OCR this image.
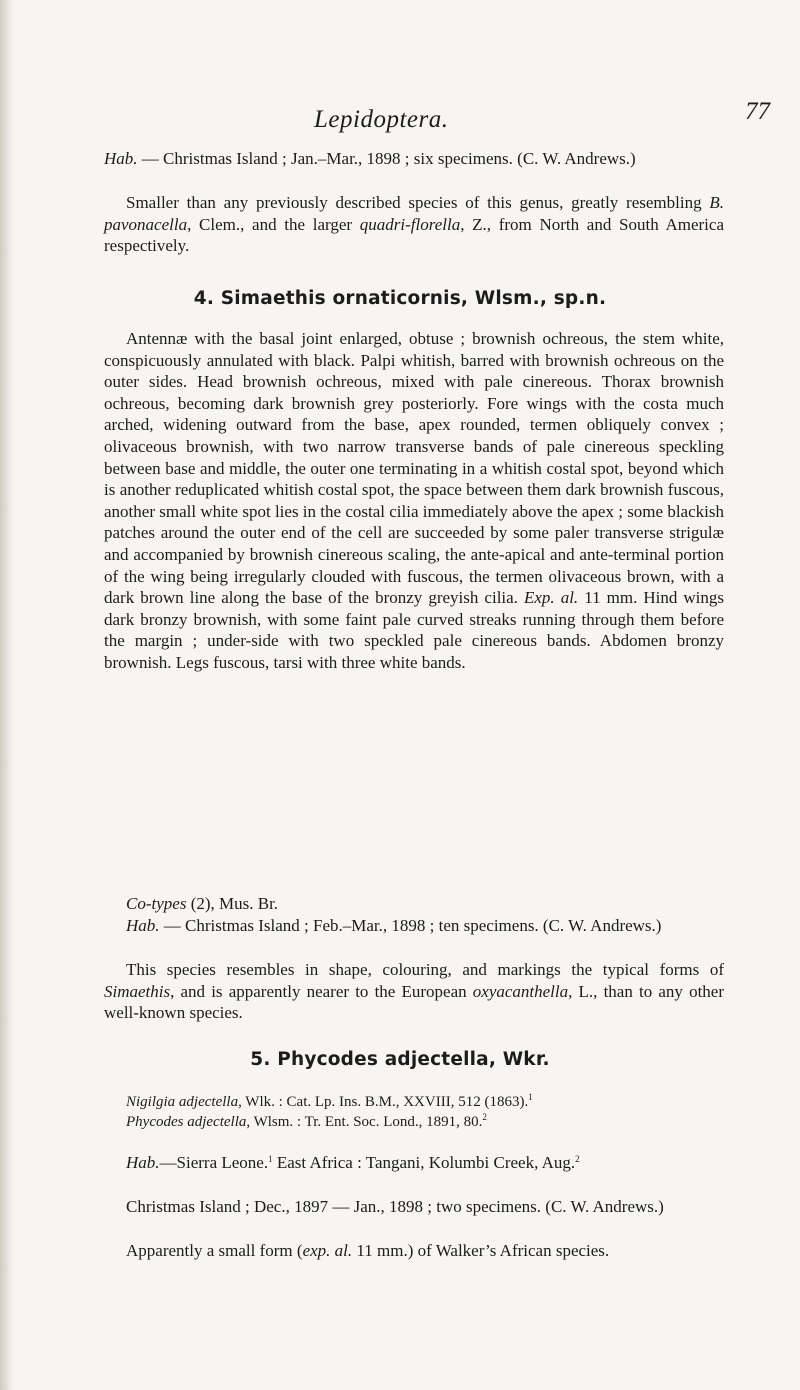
Lepidoptera.	77

Hab. — Christmas Island ; Jan.–Mar., 1898 ; six specimens. (C. W. Andrews.)

Smaller than any previously described species of this genus, greatly resembling B. pavonacella, Clem., and the larger quadri-florella, Z., from North and South America respectively.

4. Simaethis ornaticornis, Wlsm., sp.n.

Antennæ with the basal joint enlarged, obtuse ; brownish ochreous, the stem white, conspicuously annulated with black. Palpi whitish, barred with brownish ochreous on the outer sides. Head brownish ochreous, mixed with pale cinereous. Thorax brownish ochreous, becoming dark brownish grey posteriorly. Fore wings with the costa much arched, widening outward from the base, apex rounded, termen obliquely convex ; olivaceous brownish, with two narrow transverse bands of pale cinereous speckling between base and middle, the outer one terminating in a whitish costal spot, beyond which is another reduplicated whitish costal spot, the space between them dark brownish fuscous, another small white spot lies in the costal cilia immediately above the apex ; some blackish patches around the outer end of the cell are succeeded by some paler transverse strigulæ and accompanied by brownish cinereous scaling, the ante-apical and ante-terminal portion of the wing being irregularly clouded with fuscous, the termen olivaceous brown, with a dark brown line along the base of the bronzy greyish cilia. Exp. al. 11 mm. Hind wings dark bronzy brownish, with some faint pale curved streaks running through them before the margin ; under-side with two speckled pale cinereous bands. Abdomen bronzy brownish. Legs fuscous, tarsi with three white bands.

Co-types (2), Mus. Br.

Hab. — Christmas Island ; Feb.–Mar., 1898 ; ten specimens. (C. W. Andrews.)

This species resembles in shape, colouring, and markings the typical forms of Simaethis, and is apparently nearer to the European oxyacanthella, L., than to any other well-known species.

5. Phycodes adjectella, Wkr.
Nigilgia adjectella, Wlk. : Cat. Lp. Ins. B.M., XXVIII, 512 (1863).$^1$
Phycodes adjectella, Wlsm. : Tr. Ent. Soc. Lond., 1891, 80.$^2$

Hab.—Sierra Leone.$^1$ East Africa : Tangani, Kolumbi Creek, Aug.$^2$

Christmas Island ; Dec., 1897 — Jan., 1898 ; two specimens. (C. W. Andrews.)

Apparently a small form (exp. al. 11 mm.) of Walker’s African species.
